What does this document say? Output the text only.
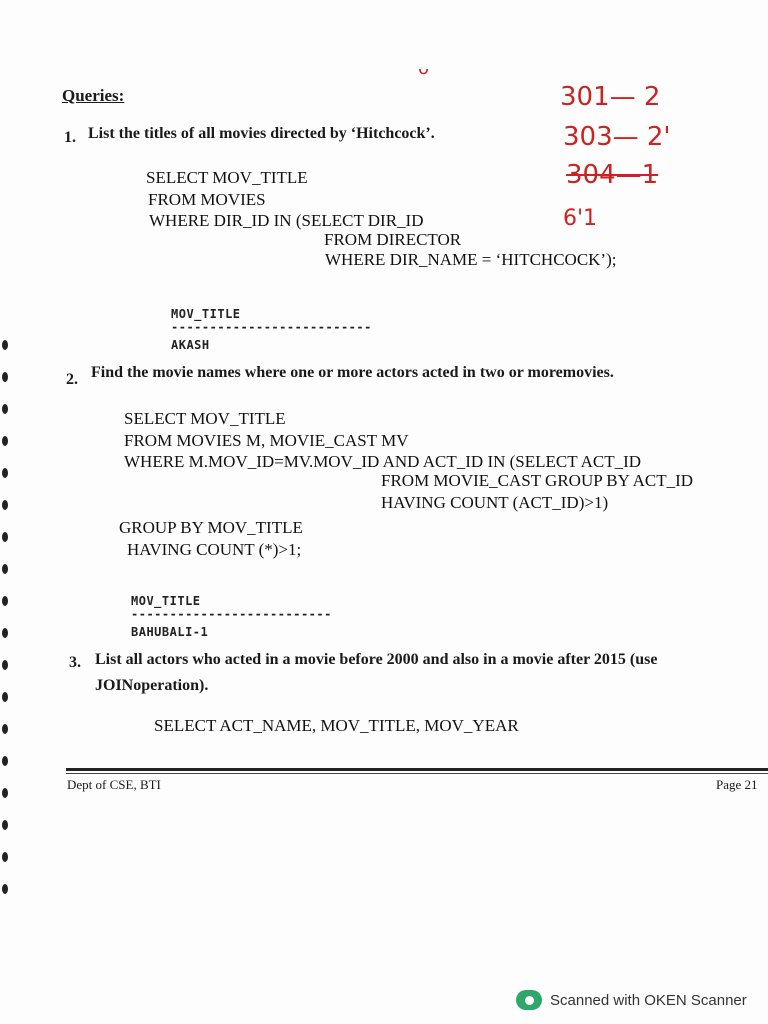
Queries:
ᴗ
301— 2
303— 2'
304—1
6'1
1. List the titles of all movies directed by ‘Hitchcock’.
SELECT MOV_TITLE
FROM MOVIES
WHERE DIR_ID IN (SELECT DIR_ID
FROM DIRECTOR
WHERE DIR_NAME = ‘HITCHCOCK’);
MOV_TITLE
--------------------------
AKASH
2. Find the movie names where one or more actors acted in two or moremovies.
SELECT MOV_TITLE
FROM MOVIES M, MOVIE_CAST MV
WHERE M.MOV_ID=MV.MOV_ID AND ACT_ID IN (SELECT ACT_ID
FROM MOVIE_CAST GROUP BY ACT_ID
HAVING COUNT (ACT_ID)>1)
GROUP BY MOV_TITLE
HAVING COUNT (*)>1;
MOV_TITLE
--------------------------
BAHUBALI-1
3. List all actors who acted in a movie before 2000 and also in a movie after 2015 (use
JOINoperation).
SELECT ACT_NAME, MOV_TITLE, MOV_YEAR
Dept of CSE, BTI	Page 21
Scanned with OKEN Scanner
